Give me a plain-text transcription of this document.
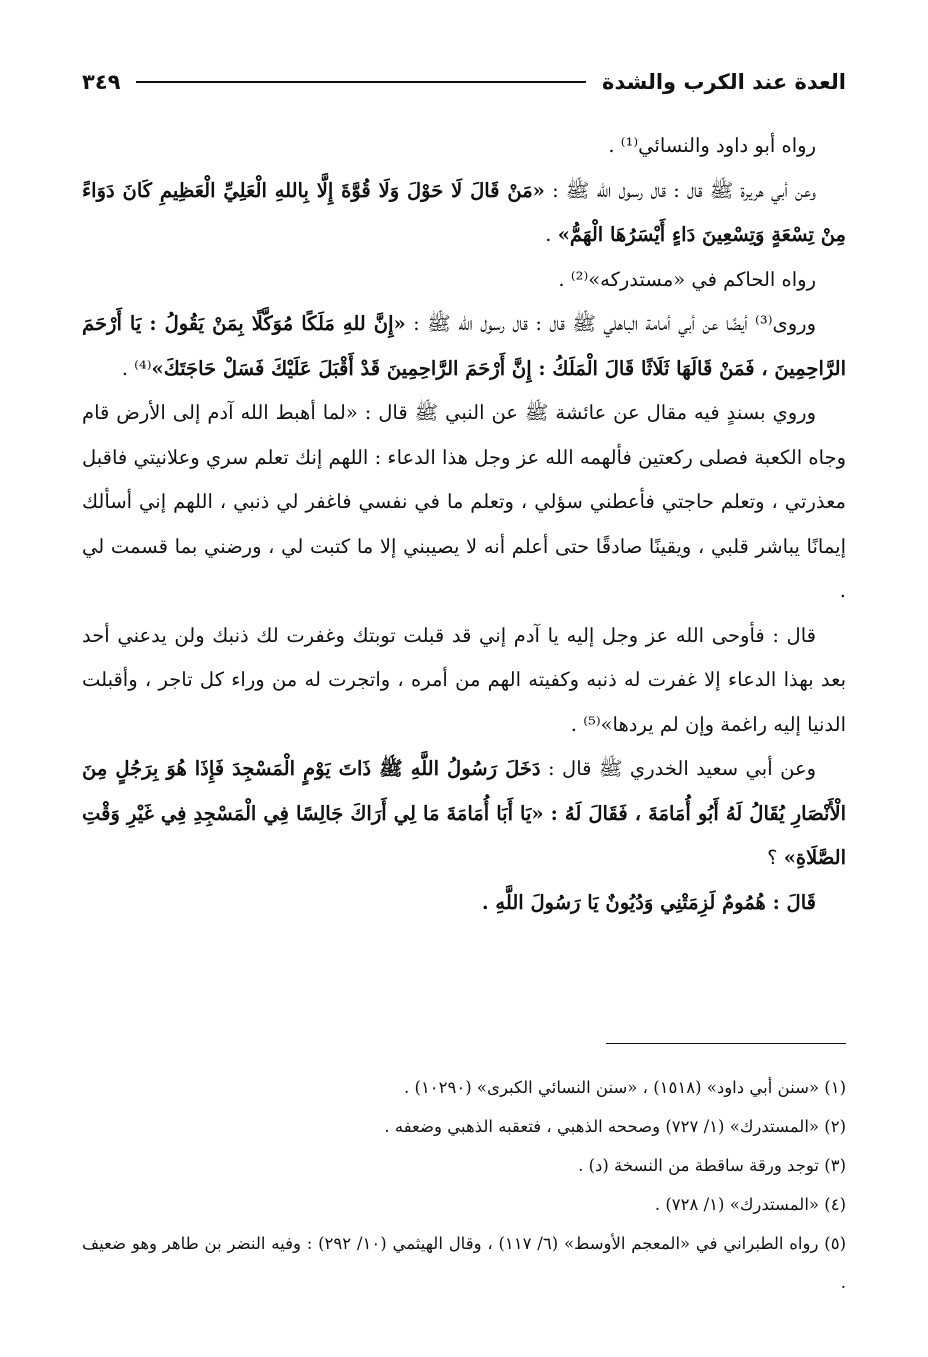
العدة عند الكرب والشدة
٣٤٩

رواه أبو داود والنسائي⁽¹⁾ .

وعن أبي هريرة ﷺ قال : قال رسول الله ﷺ : «مَنْ قَالَ لَا حَوْلَ وَلَا قُوَّةَ إِلَّا بِاللهِ الْعَلِيِّ الْعَظِيمِ كَانَ دَوَاءً مِنْ تِسْعَةٍ وَتِسْعِينَ دَاءٍ أَيْسَرُهَا الْهَمُّ» .

رواه الحاكم في «مستدركه»⁽²⁾ .

وروى⁽³⁾ أيضًا عن أبي أمامة الباهلي ﷺ قال : قال رسول الله ﷺ : «إِنَّ للهِ مَلَكًا مُوَكَّلًا بِمَنْ يَقُولُ : يَا أَرْحَمَ الرَّاحِمِينَ ، فَمَنْ قَالَهَا ثَلَاثًا قَالَ الْمَلَكُ : إِنَّ أَرْحَمَ الرَّاحِمِينَ قَدْ أَقْبَلَ عَلَيْكَ فَسَلْ حَاجَتَكَ»⁽⁴⁾ .

وروي بسندٍ فيه مقال عن عائشة ﷺ عن النبي ﷺ قال : «لما أهبط الله آدم إلى الأرض قام وجاه الكعبة فصلى ركعتين فألهمه الله عز وجل هذا الدعاء : اللهم إنك تعلم سري وعلانيتي فاقبل معذرتي ، وتعلم حاجتي فأعطني سؤلي ، وتعلم ما في نفسي فاغفر لي ذنبي ، اللهم إني أسألك إيمانًا يباشر قلبي ، ويقينًا صادقًا حتى أعلم أنه لا يصيبني إلا ما كتبت لي ، ورضني بما قسمت لي .

قال : فأوحى الله عز وجل إليه يا آدم إني قد قبلت توبتك وغفرت لك ذنبك ولن يدعني أحد بعد بهذا الدعاء إلا غفرت له ذنبه وكفيته الهم من أمره ، واتجرت له من وراء كل تاجر ، وأقبلت الدنيا إليه راغمة وإن لم يردها»⁽⁵⁾ .

وعن أبي سعيد الخدري ﷺ قال : دَخَلَ رَسُولُ اللَّهِ ﷺ ذَاتَ يَوْمٍ الْمَسْجِدَ فَإِذَا هُوَ بِرَجُلٍ مِنَ الْأَنْصَارِ يُقَالُ لَهُ أَبُو أُمَامَةَ ، فَقَالَ لَهُ : «يَا أَبَا أُمَامَةَ مَا لِي أَرَاكَ جَالِسًا فِي الْمَسْجِدِ فِي غَيْرِ وَقْتِ الصَّلَاةِ» ؟

قَالَ : هُمُومٌ لَزِمَتْنِي وَدُيُونٌ يَا رَسُولَ اللَّهِ .

(١) «سنن أبي داود» (١٥١٨) ، «سنن النسائي الكبرى» (١٠٢٩٠) .

(٢) «المستدرك» (١/ ٧٢٧) وصححه الذهبي ، فتعقبه الذهبي وضعفه .

(٣) توجد ورقة ساقطة من النسخة (د) .

(٤) «المستدرك» (١/ ٧٢٨) .

(٥) رواه الطبراني في «المعجم الأوسط» (٦/ ١١٧) ، وقال الهيثمي (١٠/ ٢٩٢) : وفيه النضر بن طاهر وهو ضعيف .
